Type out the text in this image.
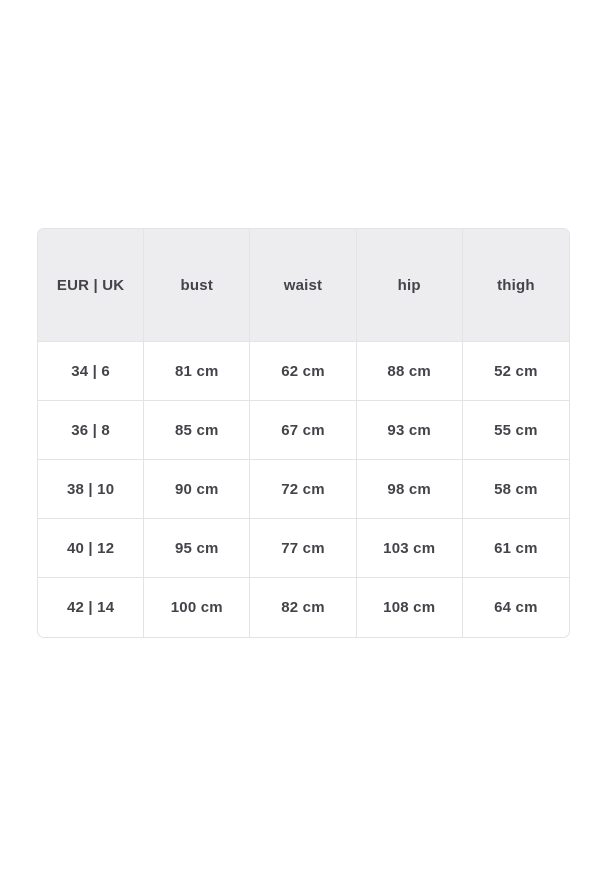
EUR | UK	bust	waist	hip	thigh
34 | 6	81 cm	62 cm	88 cm	52 cm
36 | 8	85 cm	67 cm	93 cm	55 cm
38 | 10	90 cm	72 cm	98 cm	58 cm
40 | 12	95 cm	77 cm	103 cm	61 cm
42 | 14	100 cm	82 cm	108 cm	64 cm
